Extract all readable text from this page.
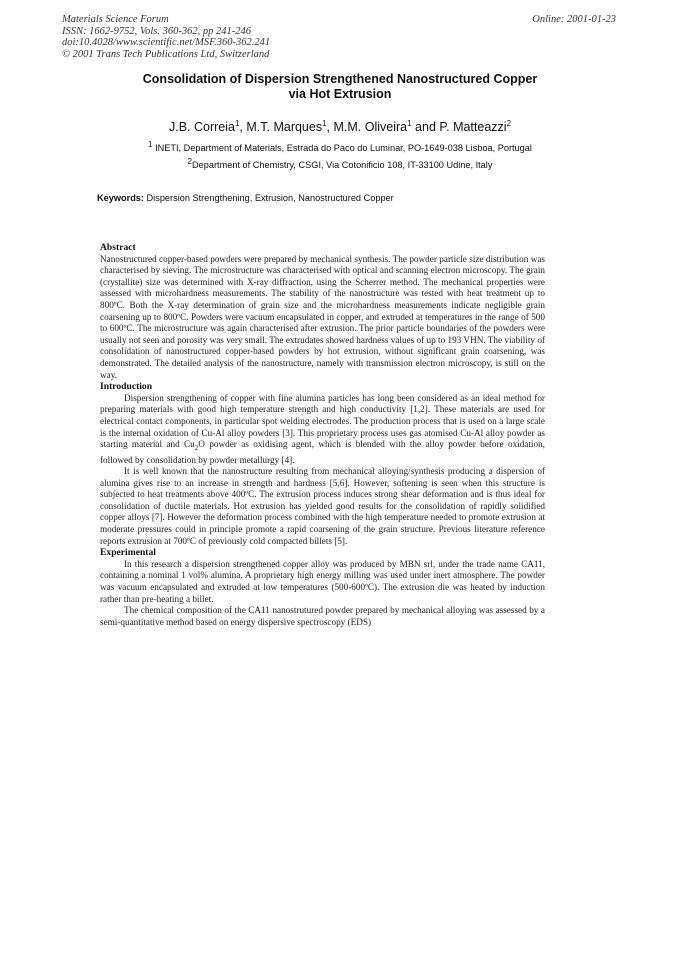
Materials Science Forum
ISSN: 1662-9752, Vols. 360-362, pp 241-246
doi:10.4028/www.scientific.net/MSF.360-362.241
© 2001 Trans Tech Publications Ltd, Switzerland
Online: 2001-01-23
Consolidation of Dispersion Strengthened Nanostructured Copper
via Hot Extrusion
J.B. Correia$^1$, M.T. Marques$^1$, M.M. Oliveira$^1$ and P. Matteazzi$^2$
$^1$ INETI, Department of Materials, Estrada do Paco do Luminar, PO-1649-038 Lisboa, Portugal
$^2$Department of Chemistry, CSGI, Via Cotonificio 108, IT-33100 Udine, Italy
Keywords: Dispersion Strengthening, Extrusion, Nanostructured Copper
Abstract

Nanostructured copper-based powders were prepared by mechanical synthesis. The powder particle size distribution was characterised by sieving. The microstructure was characterised with optical and scanning electron microscopy. The grain (crystallite) size was determined with X-ray diffraction, using the Scherrer method. The mechanical properties were assessed with microhardness measurements. The stability of the nanostructure was tested with heat treatment up to 800ºC. Both the X-ray determination of grain size and the microhardness measurements indicate negligible grain coarsening up to 800ºC. Powders were vacuum encapsulated in copper, and extruded at temperatures in the range of 500 to 600ºC. The microstructure was again characterised after extrusion. The prior particle boundaries of the powders were usually not seen and porosity was very small. The extrudates showed hardness values of up to 193 VHN. The viability of consolidation of nanostructured copper-based powders by hot extrusion, without significant grain coarsening, was demonstrated. The detailed analysis of the nanostructure, namely with transmission electron microscopy, is still on the way.

Introduction

Dispersion strengthening of copper with fine alumina particles has long been considered as an ideal method for preparing materials with good high temperature strength and high conductivity [1,2]. These materials are used for electrical contact components, in particular spot welding electrodes. The production process that is used on a large scale is the internal oxidation of Cu-Al alloy powders [3]. This proprietary process uses gas atomised Cu-Al alloy powder as starting material and $Cu_2O$ powder as oxidising agent, which is blended with the alloy powder before oxidation, followed by consolidation by powder metallurgy [4].

It is well known that the nanostructure resulting from mechanical alloying/synthesis producing a dispersion of alumina gives rise to an increase in strength and hardness [5,6]. However, softening is seen when this structure is subjected to heat treatments above 400ºC. The extrusion process induces strong shear deformation and is thus ideal for consolidation of ductile materials. Hot extrusion has yielded good results for the consolidation of rapidly solidified copper alloys [7]. However the deformation process combined with the high temperature needed to promote extrusion at moderate pressures could in principle promote a rapid coarsening of the grain structure. Previous literature reference reports extrusion at 700ºC of previously cold compacted billets [5].

Experimental

In this research a dispersion strengthened copper alloy was produced by MBN srl, under the trade name CA11, containing a nominal 1 vol% alumina. A proprietary high energy milling was used under inert atmosphere. The powder was vacuum encapsulated and extruded at low temperatures (500-600ºC). The extrusion die was heated by induction rather than pre-heating a billet.

The chemical composition of the CA11 nanostrutured powder prepared by mechanical alloying was assessed by a semi-quantitative method based on energy dispersive spectroscopy (EDS)
